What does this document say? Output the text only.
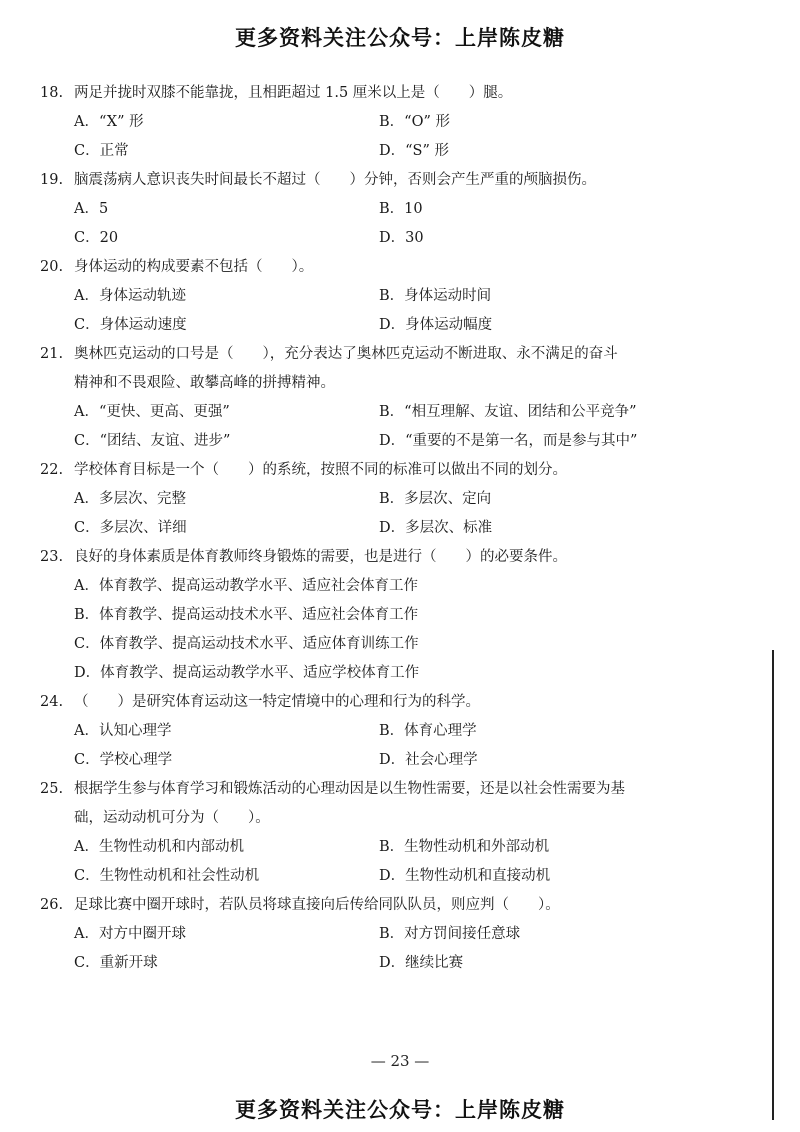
更多资料关注公众号：上岸陈皮糖
18. 两足并拢时双膝不能靠拢，且相距超过 1.5 厘米以上是（　　）腿。
A．“X” 形	B．“O” 形
C．正常	D．“S” 形
19. 脑震荡病人意识丧失时间最长不超过（　　）分钟，否则会产生严重的颅脑损伤。
A．5	B．10
C．20	D．30
20. 身体运动的构成要素不包括（　　）。
A．身体运动轨迹	B．身体运动时间
C．身体运动速度	D．身体运动幅度
21. 奥林匹克运动的口号是（　　），充分表达了奥林匹克运动不断进取、永不满足的奋斗
精神和不畏艰险、敢攀高峰的拼搏精神。
A．“更快、更高、更强”	B．“相互理解、友谊、团结和公平竞争”
C．“团结、友谊、进步”	D．“重要的不是第一名，而是参与其中”
22. 学校体育目标是一个（　　）的系统，按照不同的标准可以做出不同的划分。
A．多层次、完整	B．多层次、定向
C．多层次、详细	D．多层次、标准
23. 良好的身体素质是体育教师终身锻炼的需要，也是进行（　　）的必要条件。
A．体育教学、提高运动教学水平、适应社会体育工作
B．体育教学、提高运动技术水平、适应社会体育工作
C．体育教学、提高运动技术水平、适应体育训练工作
D．体育教学、提高运动教学水平、适应学校体育工作
24. （　　）是研究体育运动这一特定情境中的心理和行为的科学。
A．认知心理学	B．体育心理学
C．学校心理学	D．社会心理学
25. 根据学生参与体育学习和锻炼活动的心理动因是以生物性需要，还是以社会性需要为基
础，运动动机可分为（　　）。
A．生物性动机和内部动机	B．生物性动机和外部动机
C．生物性动机和社会性动机	D．生物性动机和直接动机
26. 足球比赛中圈开球时，若队员将球直接向后传给同队队员，则应判（　　）。
A．对方中圈开球	B．对方罚间接任意球
C．重新开球	D．继续比赛
— 23 —
更多资料关注公众号：上岸陈皮糖
